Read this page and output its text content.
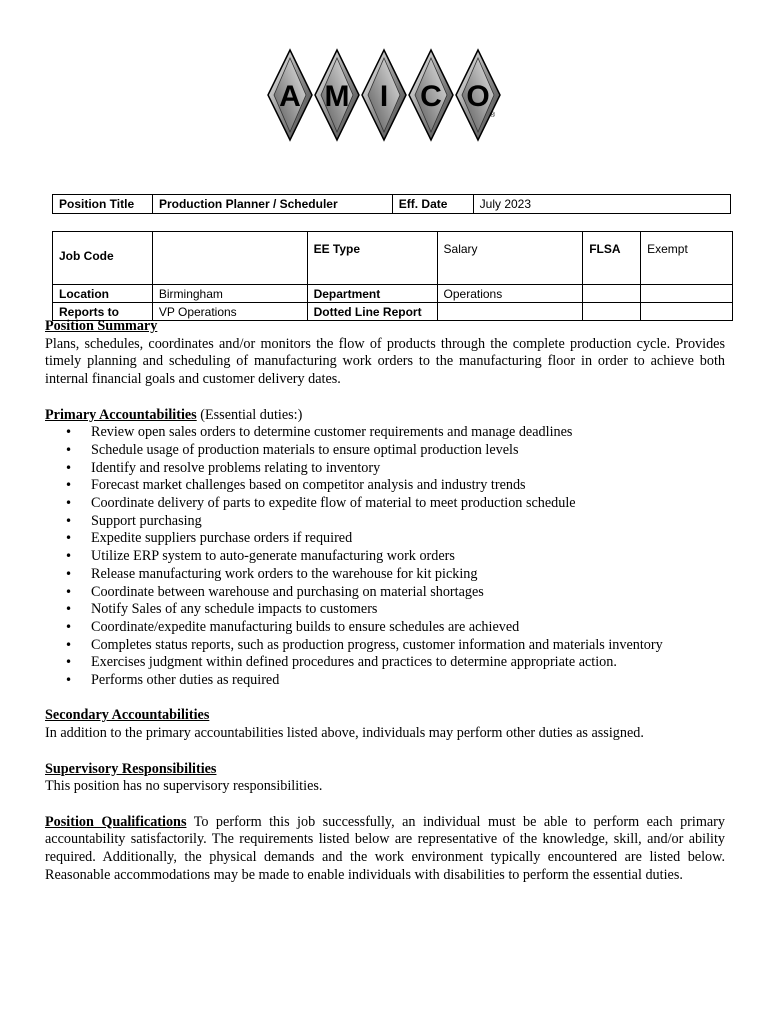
A M I C O
®
Position Title	Production Planner / Scheduler	Eff. Date	July 2023
Job Code		EE Type	Salary	FLSA	Exempt
Location	Birmingham	Department	Operations		
Reports to	VP Operations	Dotted Line Report			

Position Summary

Plans, schedules, coordinates and/or monitors the flow of products through the complete production cycle. Provides timely planning and scheduling of manufacturing work orders to the manufacturing floor in order to achieve both internal financial goals and customer delivery dates.

Primary Accountabilities (Essential duties:)

• Review open sales orders to determine customer requirements and manage deadlines
• Schedule usage of production materials to ensure optimal production levels
• Identify and resolve problems relating to inventory
• Forecast market challenges based on competitor analysis and industry trends
• Coordinate delivery of parts to expedite flow of material to meet production schedule
• Support purchasing
• Expedite suppliers purchase orders if required
• Utilize ERP system to auto-generate manufacturing work orders
• Release manufacturing work orders to the warehouse for kit picking
• Coordinate between warehouse and purchasing on material shortages
• Notify Sales of any schedule impacts to customers
• Coordinate/expedite manufacturing builds to ensure schedules are achieved
• Completes status reports, such as production progress, customer information and materials inventory
• Exercises judgment within defined procedures and practices to determine appropriate action.
• Performs other duties as required

Secondary Accountabilities

In addition to the primary accountabilities listed above, individuals may perform other duties as assigned.

Supervisory Responsibilities

This position has no supervisory responsibilities.

Position Qualifications To perform this job successfully, an individual must be able to perform each primary accountability satisfactorily. The requirements listed below are representative of the knowledge, skill, and/or ability required. Additionally, the physical demands and the work environment typically encountered are listed below. Reasonable accommodations may be made to enable individuals with disabilities to perform the essential duties.
